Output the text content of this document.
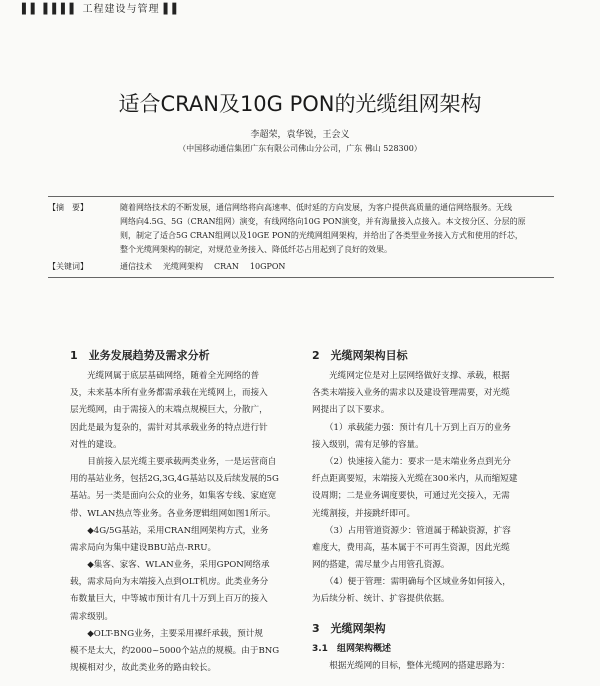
▌▌ ▌▌▌▌ 工程建设与管理 ▌▌
适合CRAN及10G PON的光缆组网架构
李超荣，袁华锐，王会义
（中国移动通信集团广东有限公司佛山分公司，广东 佛山 528300）
【摘　要】	随着网络技术的不断发展，通信网络将向高速率、低时延的方向发展，为客户提供高质量的通信网络服务。无线
网络向4.5G、5G（CRAN组网）演变，有线网络向10G PON演变，并有海量接入点接入。本文按分区、分层的原
则，制定了适合5G CRAN组网以及10GE PON的光缆网组网架构，并给出了各类型业务接入方式和使用的纤芯，
整个光缆网架构的制定，对规范业务接入、降低纤芯占用起到了良好的效果。
【关键词】	通信技术 光缆网架构 CRAN 10GPON
1　业务发展趋势及需求分析
　　光缆网属于底层基础网络，随着全光网络的普
及，未来基本所有业务都需承载在光缆网上，而接入
层光缆网，由于需接入的末端点规模巨大，分散广，
因此是最为复杂的，需针对其承载业务的特点进行针
对性的建设。
　　目前接入层光缆主要承载两类业务，一是运营商自
用的基站业务，包括2G,3G,4G基站以及后续发展的5G
基站。另一类是面向公众的业务，如集客专线、家庭宽
带、WLAN热点等业务。各业务逻辑组网如图1所示。
　　◆4G/5G基站，采用CRAN组网架构方式，业务
需求局向为集中建设BBU站点-RRU。
　　◆集客、家客、WLAN业务，采用GPON网络承
载，需求局向为末端接入点到OLT机房。此类业务分
布数量巨大，中等城市预计有几十万到上百万的接入
需求级别。
　　◆OLT-BNG业务，主要采用裸纤承载，预计规
模不是太大，约2000~5000个站点的规模。由于BNG
规模相对少，故此类业务的路由较长。
2　光缆网架构目标
　　光缆网定位是对上层网络做好支撑、承载，根据
各类末端接入业务的需求以及建设管理需要，对光缆
网提出了以下要求。
　　（1）承载能力强：预计有几十万到上百万的业务
接入级别，需有足够的容量。
　　（2）快速接入能力：要求一是末端业务点到光分
纤点距离要短，末端接入光缆在300米内，从而缩短建
设周期；二是业务调度要快，可通过光交接入，无需
光缆割接，并接跳纤即可。
　　（3）占用管道资源少：管道属于稀缺资源，扩容
难度大，费用高，基本属于不可再生资源，因此光缆
网的搭建，需尽量少占用管孔资源。
　　（4）便于管理：需明确每个区域业务如何接入，
为后续分析、统计、扩容提供依据。
3　光缆网架构
3.1　组网架构概述
　　根据光缆网的目标，整体光缆网的搭建思路为：
